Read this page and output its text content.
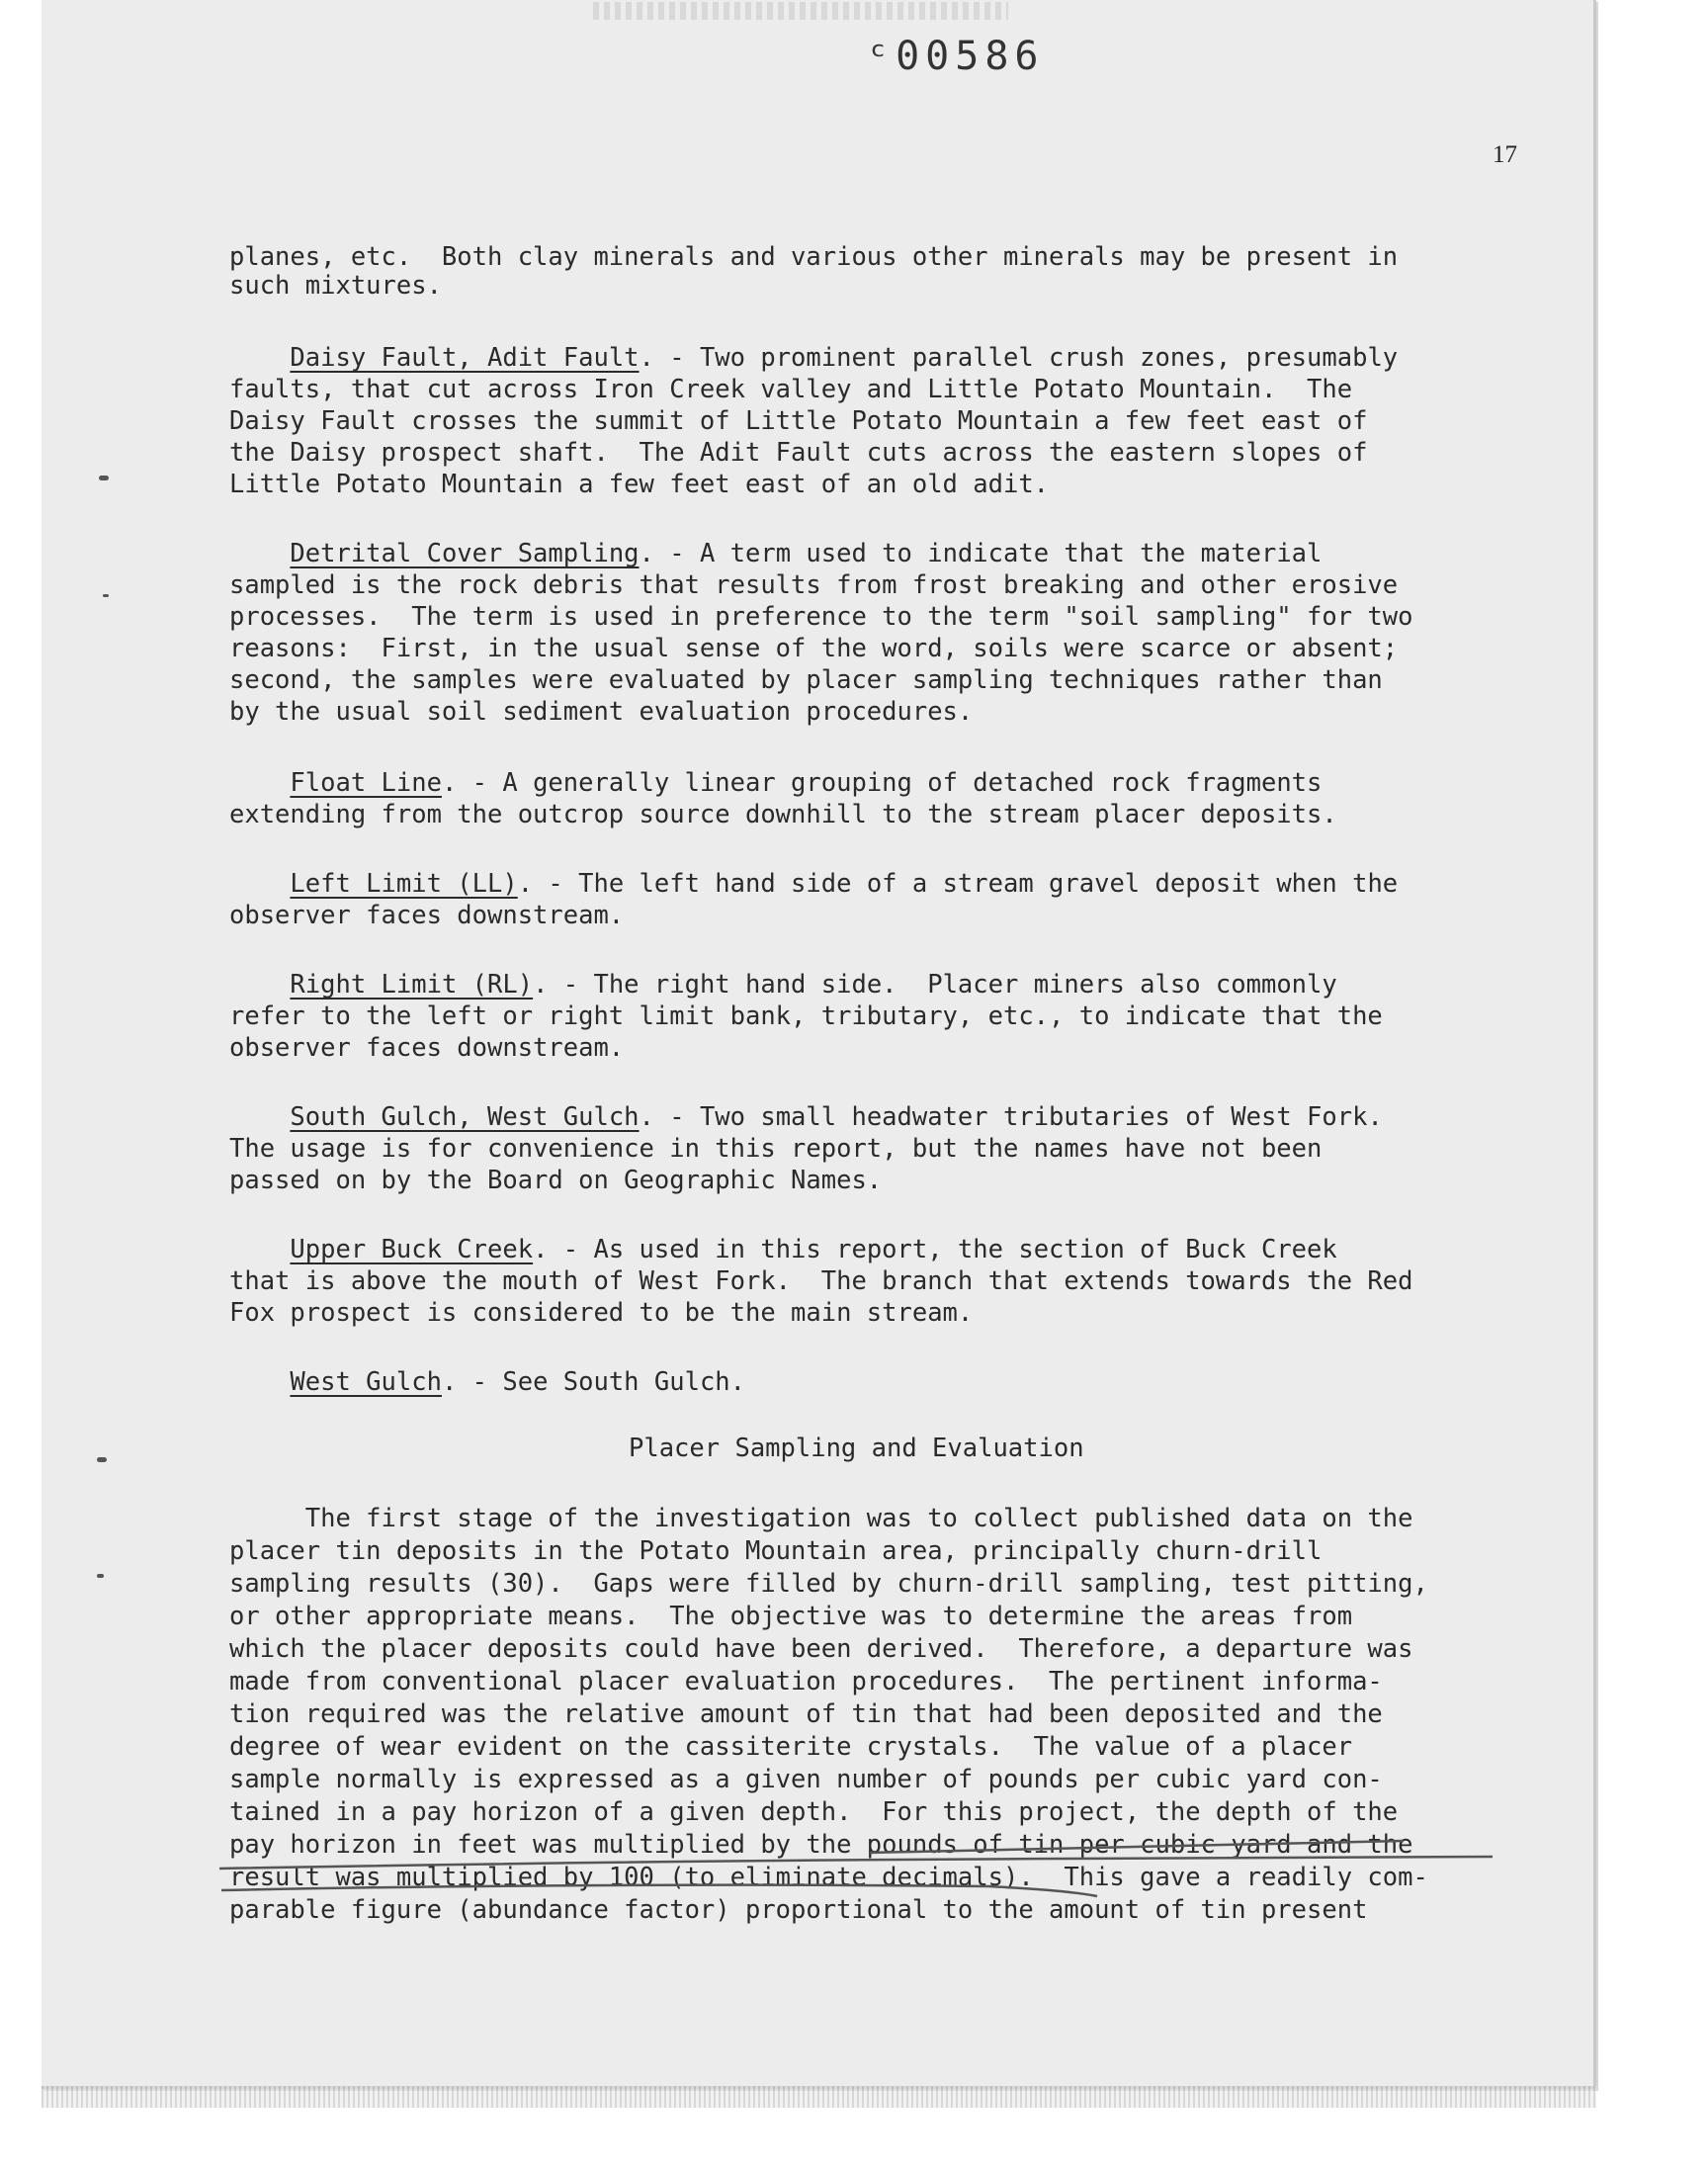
ᶜ00586
17
planes, etc.  Both clay minerals and various other minerals may be present in
such mixtures.
Daisy Fault, Adit Fault. - Two prominent parallel crush zones, presumably
faults, that cut across Iron Creek valley and Little Potato Mountain.  The
Daisy Fault crosses the summit of Little Potato Mountain a few feet east of
the Daisy prospect shaft.  The Adit Fault cuts across the eastern slopes of
Little Potato Mountain a few feet east of an old adit.
Detrital Cover Sampling. - A term used to indicate that the material
sampled is the rock debris that results from frost breaking and other erosive
processes.  The term is used in preference to the term "soil sampling" for two
reasons:  First, in the usual sense of the word, soils were scarce or absent;
second, the samples were evaluated by placer sampling techniques rather than
by the usual soil sediment evaluation procedures.
Float Line. - A generally linear grouping of detached rock fragments
extending from the outcrop source downhill to the stream placer deposits.
Left Limit (LL). - The left hand side of a stream gravel deposit when the
observer faces downstream.
Right Limit (RL). - The right hand side.  Placer miners also commonly
refer to the left or right limit bank, tributary, etc., to indicate that the
observer faces downstream.
South Gulch, West Gulch. - Two small headwater tributaries of West Fork.
The usage is for convenience in this report, but the names have not been
passed on by the Board on Geographic Names.
Upper Buck Creek. - As used in this report, the section of Buck Creek
that is above the mouth of West Fork.  The branch that extends towards the Red
Fox prospect is considered to be the main stream.
West Gulch. - See South Gulch.
Placer Sampling and Evaluation
The first stage of the investigation was to collect published data on the
placer tin deposits in the Potato Mountain area, principally churn-drill
sampling results (30).  Gaps were filled by churn-drill sampling, test pitting,
or other appropriate means.  The objective was to determine the areas from
which the placer deposits could have been derived.  Therefore, a departure was
made from conventional placer evaluation procedures.  The pertinent informa-
tion required was the relative amount of tin that had been deposited and the
degree of wear evident on the cassiterite crystals.  The value of a placer
sample normally is expressed as a given number of pounds per cubic yard con-
tained in a pay horizon of a given depth.  For this project, the depth of the
pay horizon in feet was multiplied by the pounds of tin per cubic yard and the
result was multiplied by 100 (to eliminate decimals).  This gave a readily com-
parable figure (abundance factor) proportional to the amount of tin present
